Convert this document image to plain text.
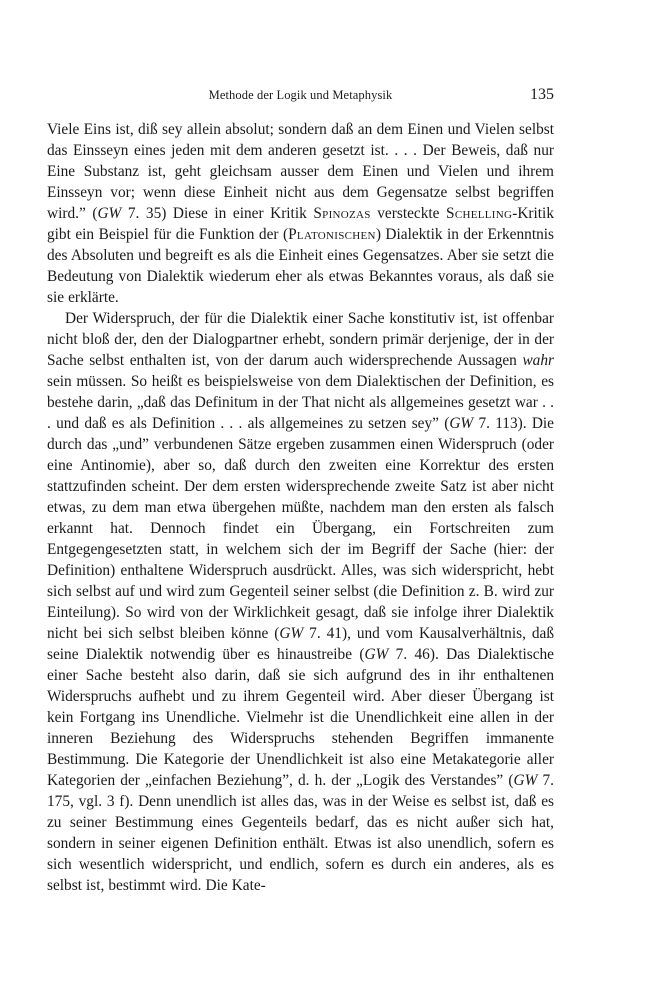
Methode der Logik und Metaphysik	135

Viele Eins ist, diß sey allein absolut; sondern daß an dem Einen und Vielen selbst das Einsseyn eines jeden mit dem anderen gesetzt ist. . . . Der Beweis, daß nur Eine Substanz ist, geht gleichsam ausser dem Einen und Vielen und ihrem Einsseyn vor; wenn diese Einheit nicht aus dem Gegensatze selbst begriffen wird.” (GW 7. 35) Diese in einer Kritik Spinozas versteckte Schelling-Kritik gibt ein Beispiel für die Funktion der (Platonischen) Dialektik in der Erkenntnis des Absoluten und begreift es als die Einheit eines Gegensatzes. Aber sie setzt die Bedeutung von Dialektik wiederum eher als etwas Bekanntes voraus, als daß sie sie erklärte.

Der Widerspruch, der für die Dialektik einer Sache konstitutiv ist, ist offenbar nicht bloß der, den der Dialogpartner erhebt, sondern primär derjenige, der in der Sache selbst enthalten ist, von der darum auch widersprechende Aussagen wahr sein müssen. So heißt es beispielsweise von dem Dialektischen der Definition, es bestehe darin, „daß das Definitum in der That nicht als allgemeines gesetzt war . . . und daß es als Definition . . . als allgemeines zu setzen sey” (GW 7. 113). Die durch das „und” verbundenen Sätze ergeben zusammen einen Widerspruch (oder eine Antinomie), aber so, daß durch den zweiten eine Korrektur des ersten stattzufinden scheint. Der dem ersten widersprechende zweite Satz ist aber nicht etwas, zu dem man etwa übergehen müßte, nachdem man den ersten als falsch erkannt hat. Dennoch findet ein Übergang, ein Fortschreiten zum Entgegengesetzten statt, in welchem sich der im Begriff der Sache (hier: der Definition) enthaltene Widerspruch ausdrückt. Alles, was sich widerspricht, hebt sich selbst auf und wird zum Gegenteil seiner selbst (die Definition z. B. wird zur Einteilung). So wird von der Wirklichkeit gesagt, daß sie infolge ihrer Dialektik nicht bei sich selbst bleiben könne (GW 7. 41), und vom Kausalverhältnis, daß seine Dialektik notwendig über es hinaustreibe (GW 7. 46). Das Dialektische einer Sache besteht also darin, daß sie sich aufgrund des in ihr enthaltenen Widerspruchs aufhebt und zu ihrem Gegenteil wird. Aber dieser Übergang ist kein Fortgang ins Unendliche. Vielmehr ist die Unendlichkeit eine allen in der inneren Beziehung des Widerspruchs stehenden Begriffen immanente Bestimmung. Die Kategorie der Unendlichkeit ist also eine Metakategorie aller Kategorien der „einfachen Beziehung”, d. h. der „Logik des Verstandes” (GW 7. 175, vgl. 3 f). Denn unendlich ist alles das, was in der Weise es selbst ist, daß es zu seiner Bestimmung eines Gegenteils bedarf, das es nicht außer sich hat, sondern in seiner eigenen Definition enthält. Etwas ist also unendlich, sofern es sich wesentlich widerspricht, und endlich, sofern es durch ein anderes, als es selbst ist, bestimmt wird. Die Kate-
